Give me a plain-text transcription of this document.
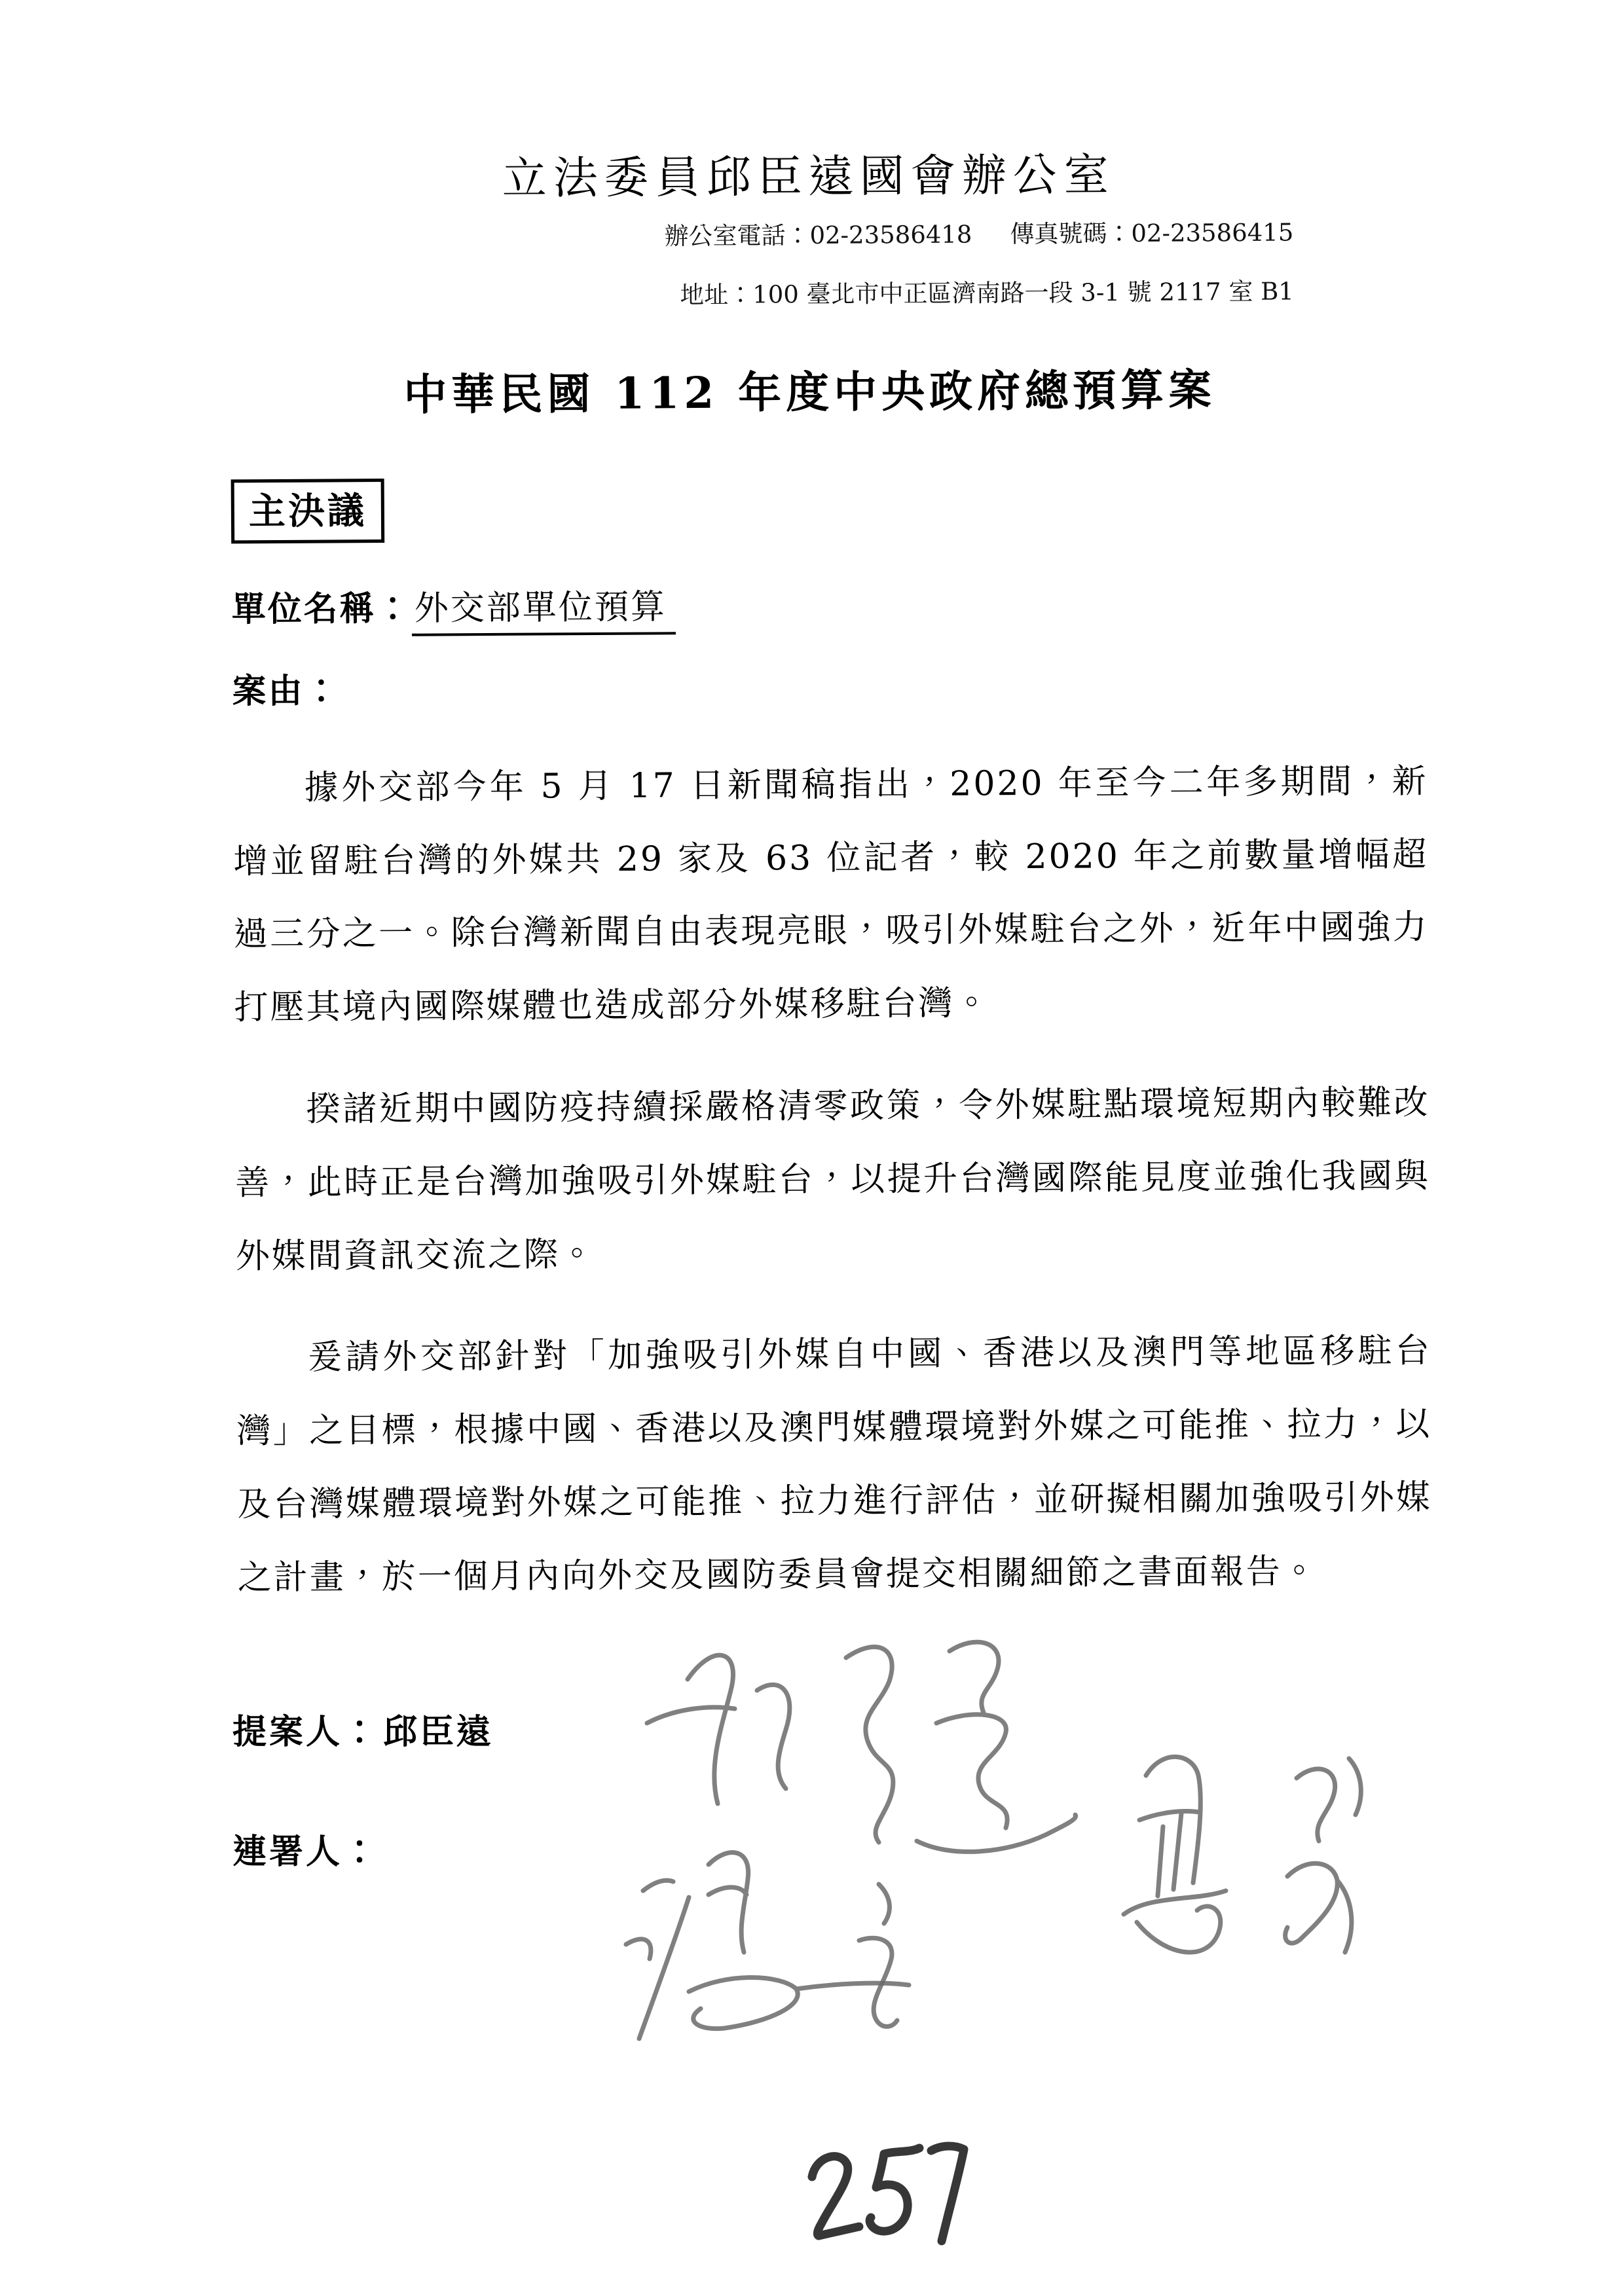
立法委員邱臣遠國會辦公室
辦公室電話：02-23586418 傳真號碼：02-23586415
地址：100 臺北市中正區濟南路一段 3-1 號 2117 室 B1
中華民國 112 年度中央政府總預算案
主決議
單位名稱：外交部單位預算
案由：

據外交部今年 5 月 17 日新聞稿指出，2020 年至今二年多期間，新增並留駐台灣的外媒共 29 家及 63 位記者，較 2020 年之前數量增幅超過三分之一。除台灣新聞自由表現亮眼，吸引外媒駐台之外，近年中國強力打壓其境內國際媒體也造成部分外媒移駐台灣。

揆諸近期中國防疫持續採嚴格清零政策，令外媒駐點環境短期內較難改善，此時正是台灣加強吸引外媒駐台，以提升台灣國際能見度並強化我國與外媒間資訊交流之際。

爰請外交部針對「加強吸引外媒自中國、香港以及澳門等地區移駐台灣」之目標，根據中國、香港以及澳門媒體環境對外媒之可能推、拉力，以及台灣媒體環境對外媒之可能推、拉力進行評估，並研擬相關加強吸引外媒之計畫，於一個月內向外交及國防委員會提交相關細節之書面報告。

提案人： 邱臣遠
連署人：
